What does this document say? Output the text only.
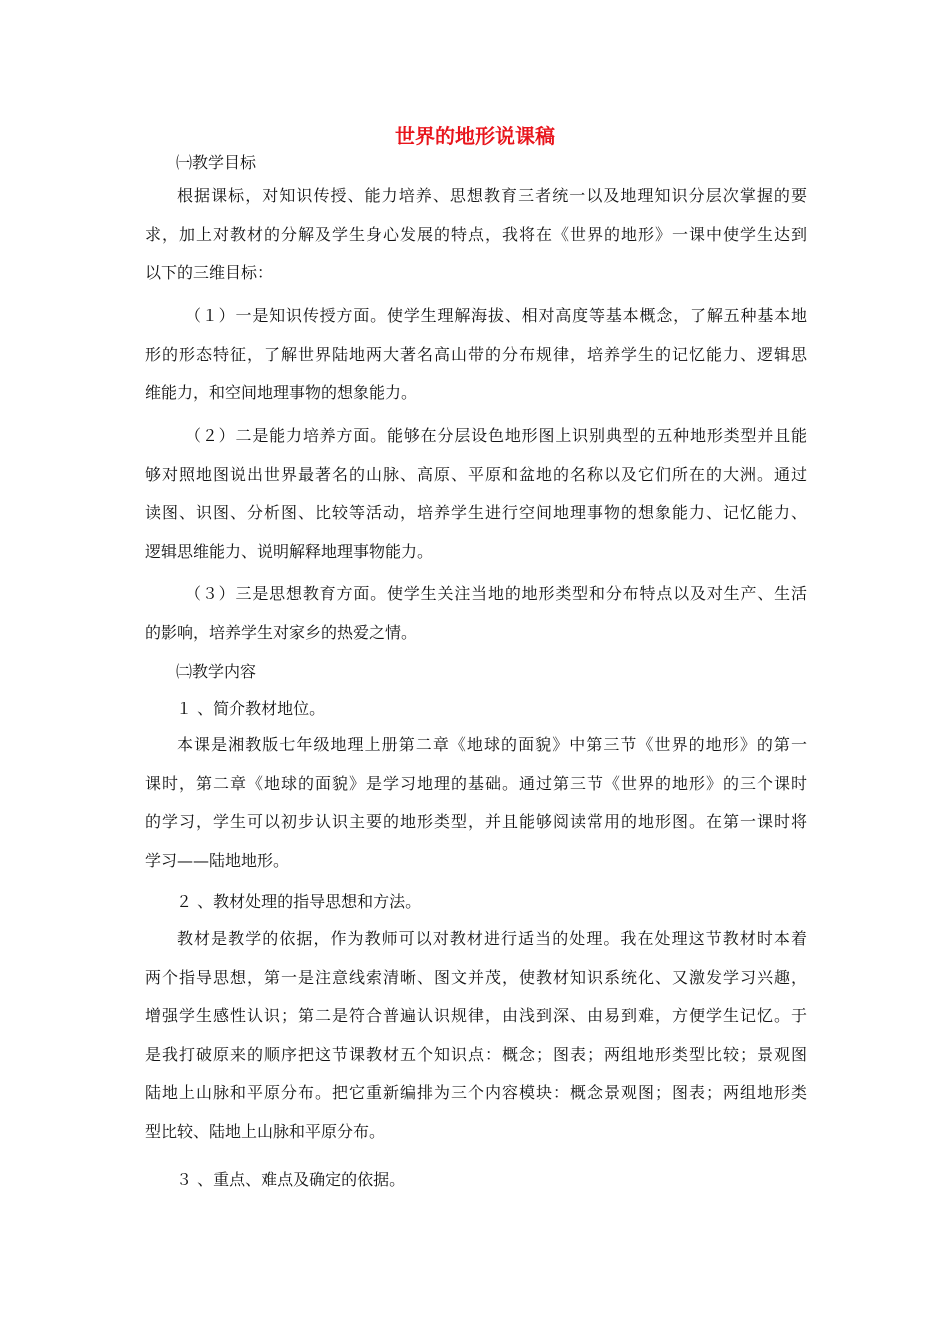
世界的地形说课稿
㈠教学目标
根据课标，对知识传授、能力培养、思想教育三者统一以及地理知识分层次掌握的要
求，加上对教材的分解及学生身心发展的特点，我将在《世界的地形》一课中使学生达到
以下的三维目标：
（１）一是知识传授方面。使学生理解海拔、相对高度等基本概念，了解五种基本地
形的形态特征，了解世界陆地两大著名高山带的分布规律，培养学生的记忆能力、逻辑思
维能力，和空间地理事物的想象能力。
（２）二是能力培养方面。能够在分层设色地形图上识别典型的五种地形类型并且能
够对照地图说出世界最著名的山脉、高原、平原和盆地的名称以及它们所在的大洲。通过
读图、识图、分析图、比较等活动，培养学生进行空间地理事物的想象能力、记忆能力、
逻辑思维能力、说明解释地理事物能力。
（３）三是思想教育方面。使学生关注当地的地形类型和分布特点以及对生产、生活
的影响，培养学生对家乡的热爱之情。
㈡教学内容
１ 、简介教材地位。
本课是湘教版七年级地理上册第二章《地球的面貌》中第三节《世界的地形》的第一
课时，第二章《地球的面貌》是学习地理的基础。通过第三节《世界的地形》的三个课时
的学习，学生可以初步认识主要的地形类型，并且能够阅读常用的地形图。在第一课时将
学习——陆地地形。
２ 、教材处理的指导思想和方法。
教材是教学的依据，作为教师可以对教材进行适当的处理。我在处理这节教材时本着
两个指导思想，第一是注意线索清晰、图文并茂，使教材知识系统化、又激发学习兴趣，
增强学生感性认识；第二是符合普遍认识规律，由浅到深、由易到难，方便学生记忆。于
是我打破原来的顺序把这节课教材五个知识点：概念；图表；两组地形类型比较；景观图
陆地上山脉和平原分布。把它重新编排为三个内容模块：概念景观图；图表；两组地形类
型比较、陆地上山脉和平原分布。
３ 、重点、难点及确定的依据。
